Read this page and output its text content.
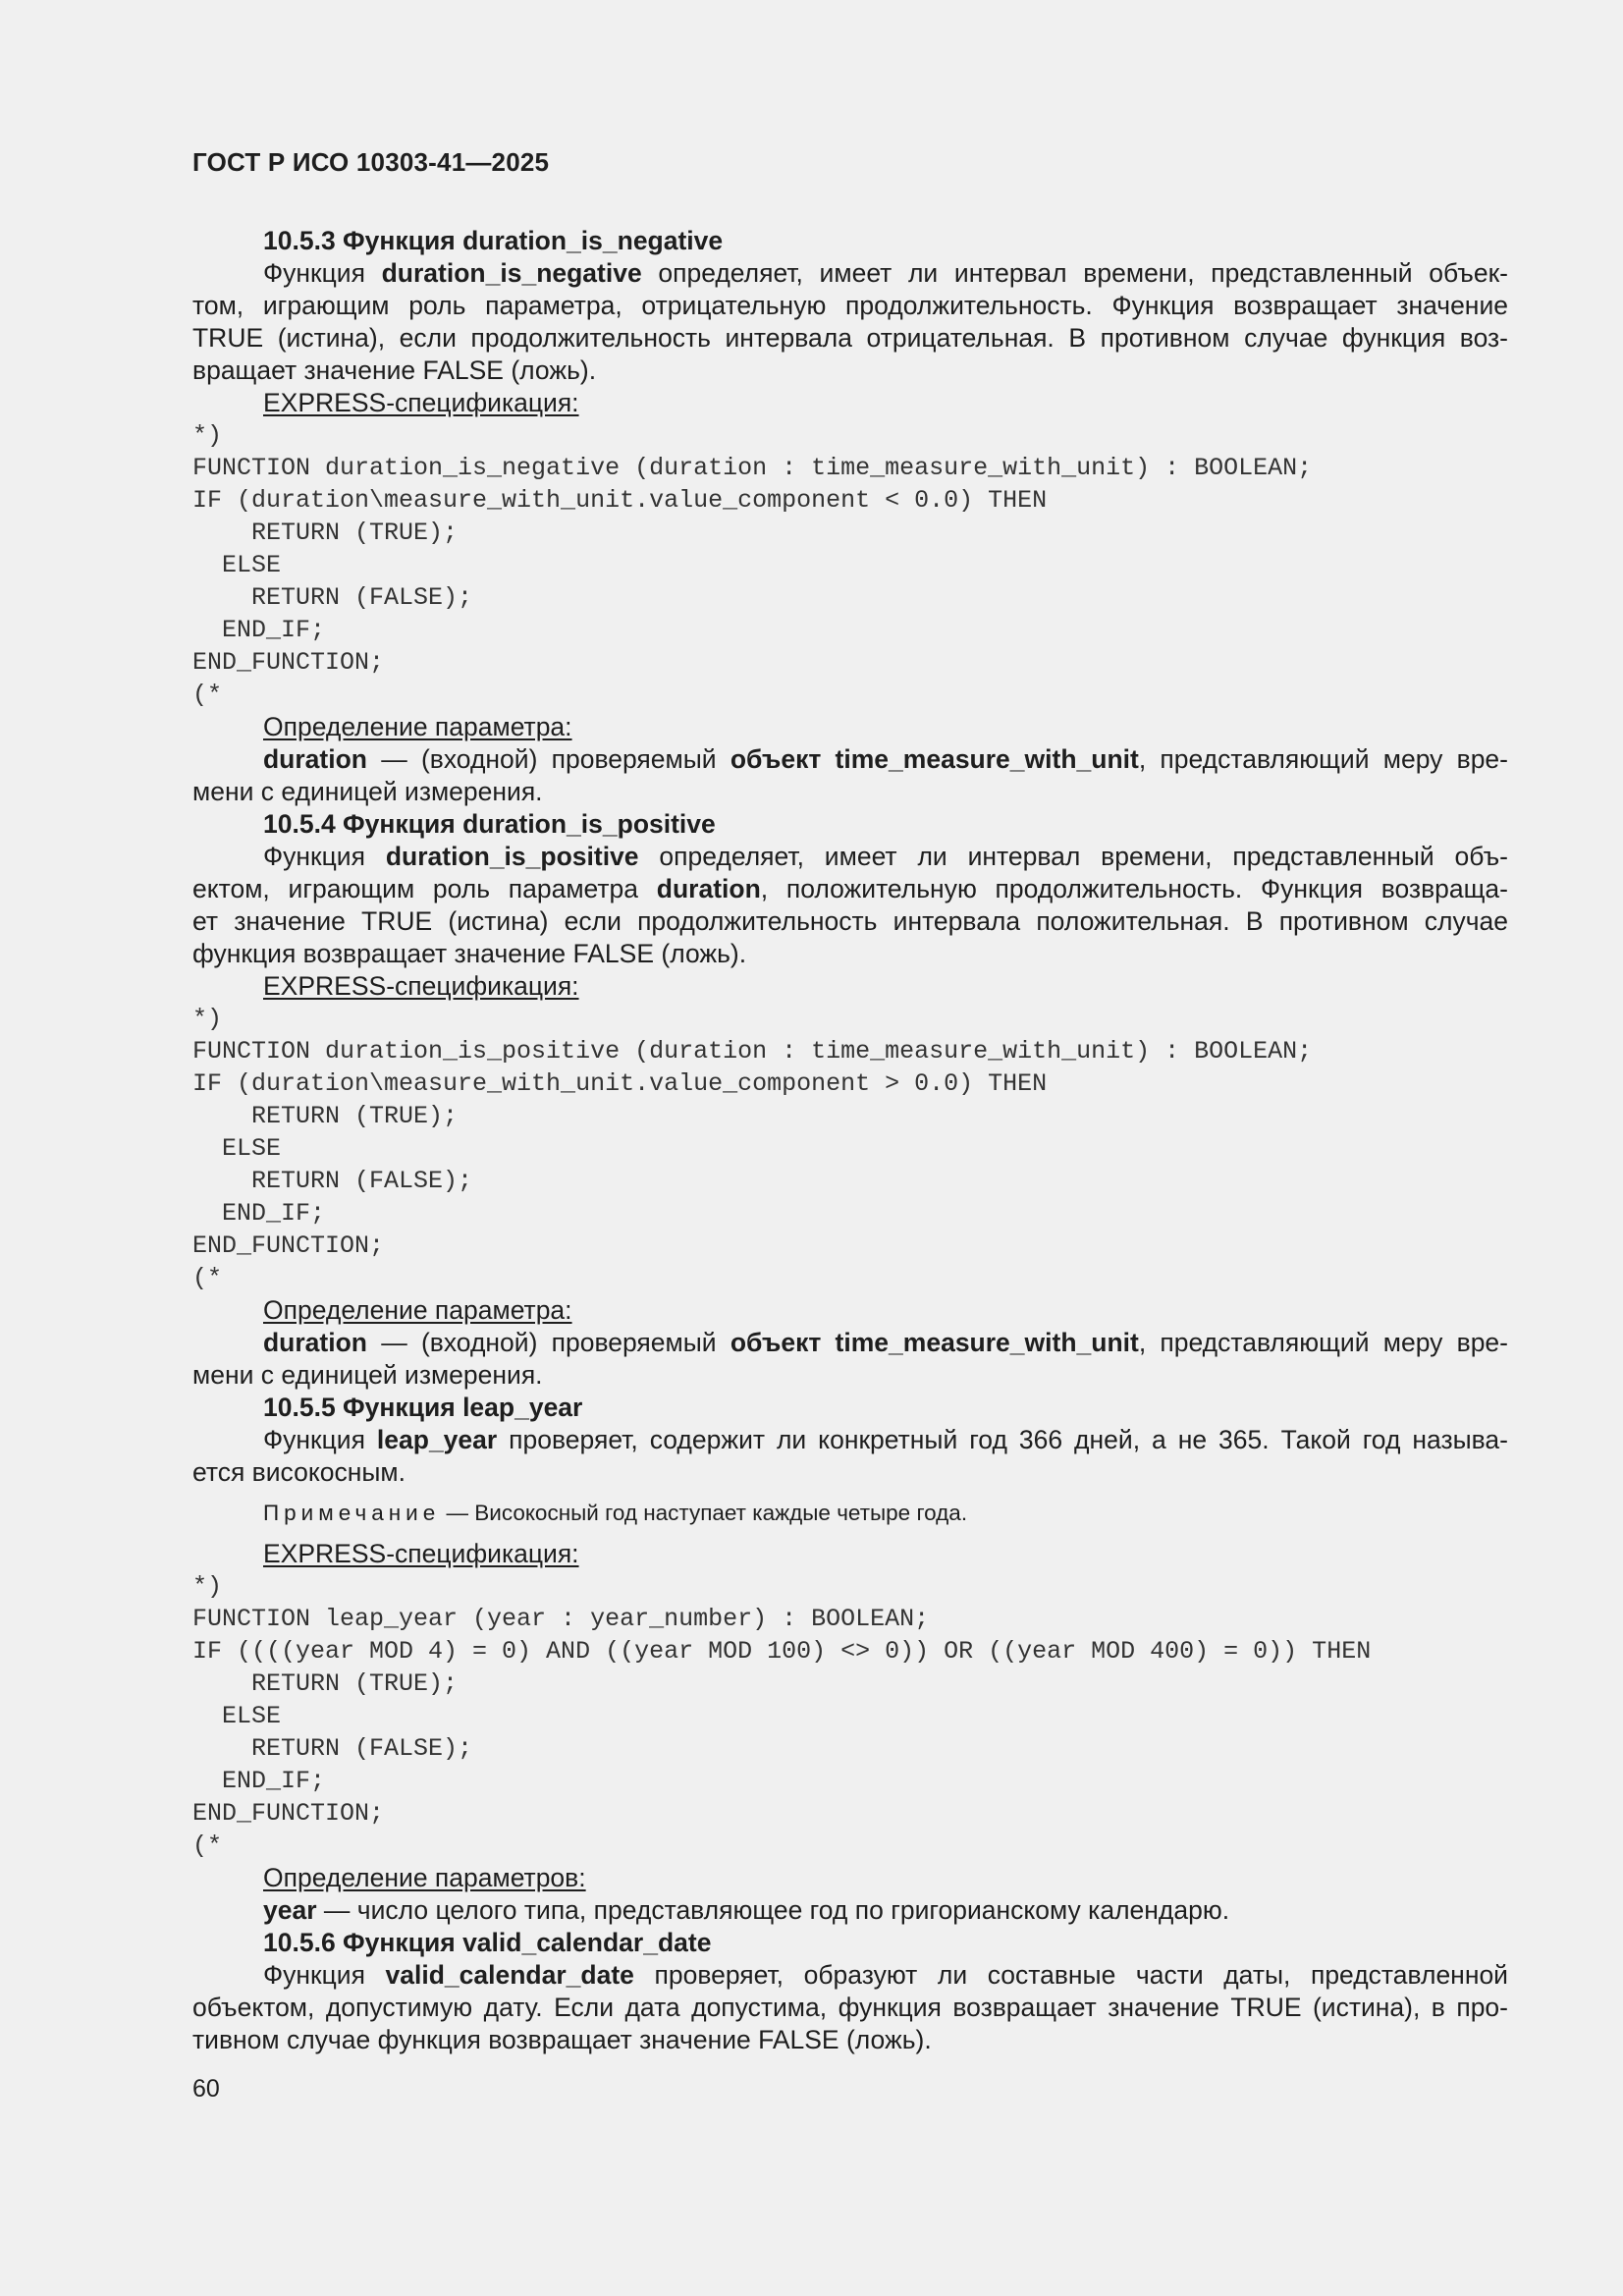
ГОСТ Р ИСО 10303-41—2025
10.5.3 Функция duration_is_negative
Функция duration_is_negative определяет, имеет ли интервал времени, представленный объек-
том, играющим роль параметра, отрицательную продолжительность. Функция возвращает значение
TRUE (истина), если продолжительность интервала отрицательная. В противном случае функция воз-
вращает значение FALSE (ложь).
EXPRESS-спецификация:
*)
FUNCTION duration_is_negative (duration : time_measure_with_unit) : BOOLEAN;
IF (duration\measure_with_unit.value_component < 0.0) THEN
RETURN (TRUE);
ELSE
RETURN (FALSE);
END_IF;
END_FUNCTION;
(*
Определение параметра:
duration — (входной) проверяемый объект time_measure_with_unit, представляющий меру вре-
мени с единицей измерения.
10.5.4 Функция duration_is_positive
Функция duration_is_positive определяет, имеет ли интервал времени, представленный объ-
ектом, играющим роль параметра duration, положительную продолжительность. Функция возвраща-
ет значение TRUE (истина) если продолжительность интервала положительная. В противном случае
функция возвращает значение FALSE (ложь).
EXPRESS-спецификация:
*)
FUNCTION duration_is_positive (duration : time_measure_with_unit) : BOOLEAN;
IF (duration\measure_with_unit.value_component > 0.0) THEN
RETURN (TRUE);
ELSE
RETURN (FALSE);
END_IF;
END_FUNCTION;
(*
Определение параметра:
duration — (входной) проверяемый объект time_measure_with_unit, представляющий меру вре-
мени с единицей измерения.
10.5.5 Функция leap_year
Функция leap_year проверяет, содержит ли конкретный год 366 дней, а не 365. Такой год называ-
ется високосным.
Примечание — Високосный год наступает каждые четыре года.
EXPRESS-спецификация:
*)
FUNCTION leap_year (year : year_number) : BOOLEAN;
IF ((((year MOD 4) = 0) AND ((year MOD 100) <> 0)) OR ((year MOD 400) = 0)) THEN
RETURN (TRUE);
ELSE
RETURN (FALSE);
END_IF;
END_FUNCTION;
(*
Определение параметров:
year — число целого типа, представляющее год по григорианскому календарю.
10.5.6 Функция valid_calendar_date
Функция valid_calendar_date проверяет, образуют ли составные части даты, представленной
объектом, допустимую дату. Если дата допустима, функция возвращает значение TRUE (истина), в про-
тивном случае функция возвращает значение FALSE (ложь).
60
